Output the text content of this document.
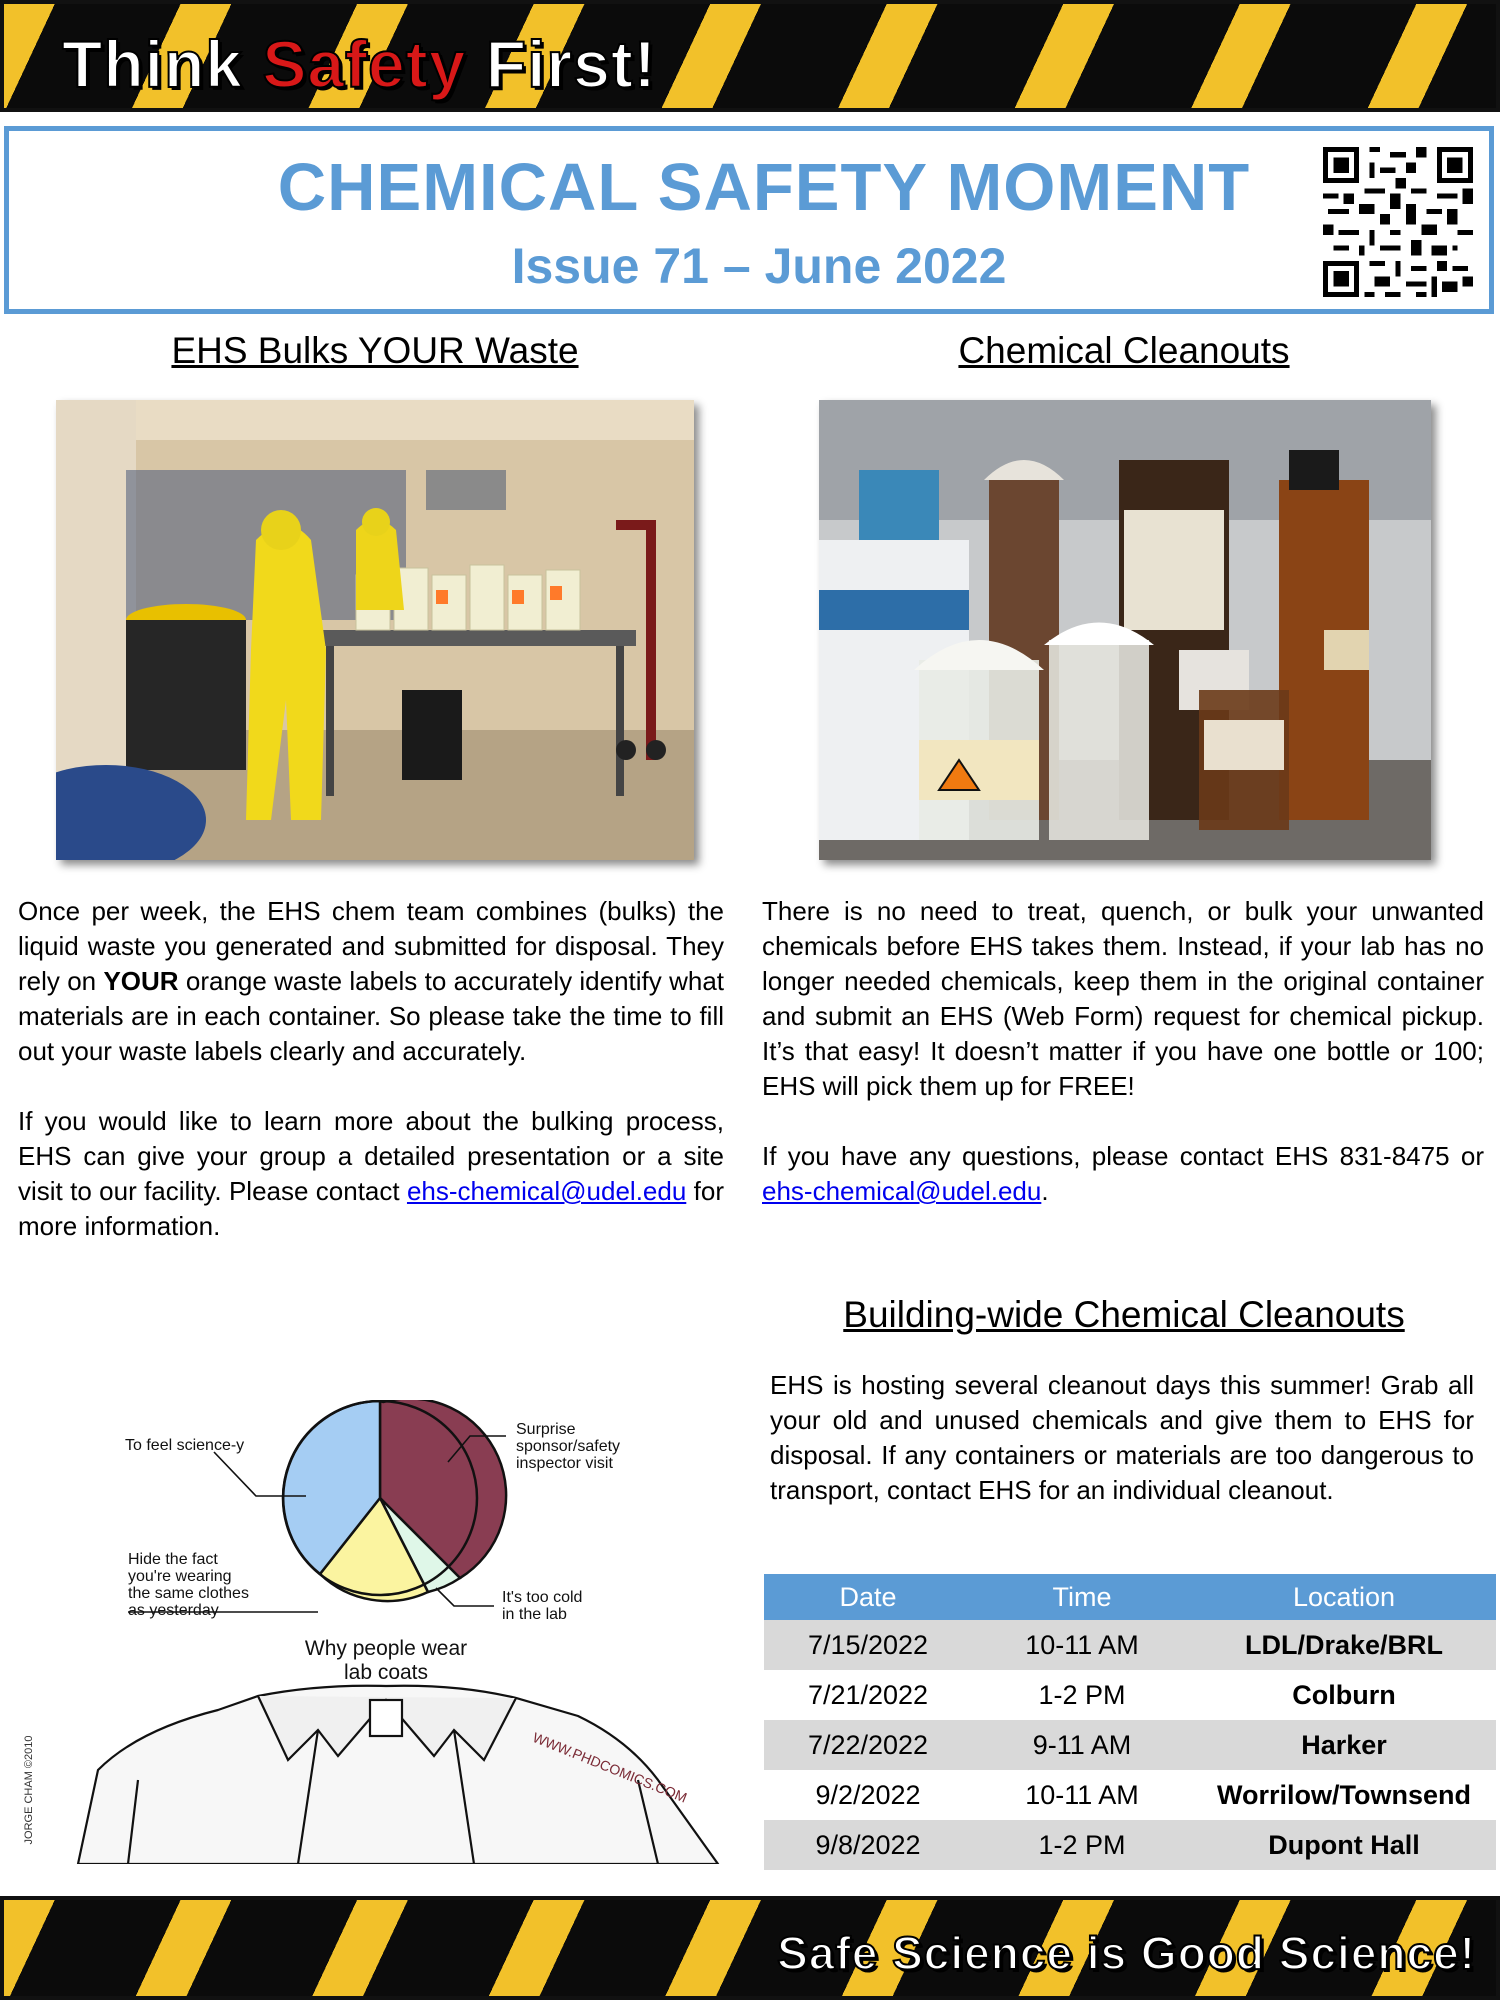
Think Safety First!
CHEMICAL SAFETY MOMENT
Issue 71 – June 2022
EHS Bulks YOUR Waste

Once per week, the EHS chem team combines (bulks) the liquid waste you generated and submitted for disposal. They rely on YOUR orange waste labels to accurately identify what materials are in each container. So please take the time to fill out your waste labels clearly and accurately.

If you would like to learn more about the bulking process, EHS can give your group a detailed presentation or a site visit to our facility. Please contact ehs-chemical@udel.edu for more information.

To feel science-y
Surprise
sponsor/safety
inspector visit
Hide the fact
you're wearing
the same clothes
as yesterday
It's too cold
in the lab
Why people wear
lab coats
WWW.PHDCOMICS.COM
JORGE CHAM ©2010
Chemical Cleanouts

There is no need to treat, quench, or bulk your unwanted chemicals before EHS takes them. Instead, if your lab has no longer needed chemicals, keep them in the original container and submit an EHS (Web Form) request for chemical pickup. It’s that easy! It doesn’t matter if you have one bottle or 100; EHS will pick them up for FREE!

If you have any questions, please contact EHS 831-8475 or ehs-chemical@udel.edu.

Building-wide Chemical Cleanouts

EHS is hosting several cleanout days this summer! Grab all your old and unused chemicals and give them to EHS for disposal. If any containers or materials are too dangerous to transport, contact EHS for an individual cleanout.

Date	Time	Location
7/15/2022	10-11 AM	LDL/Drake/BRL
7/21/2022	1-2 PM	Colburn
7/22/2022	9-11 AM	Harker
9/2/2022	10-11 AM	Worrilow/Townsend
9/8/2022	1-2 PM	Dupont Hall
Safe Science is Good Science!
